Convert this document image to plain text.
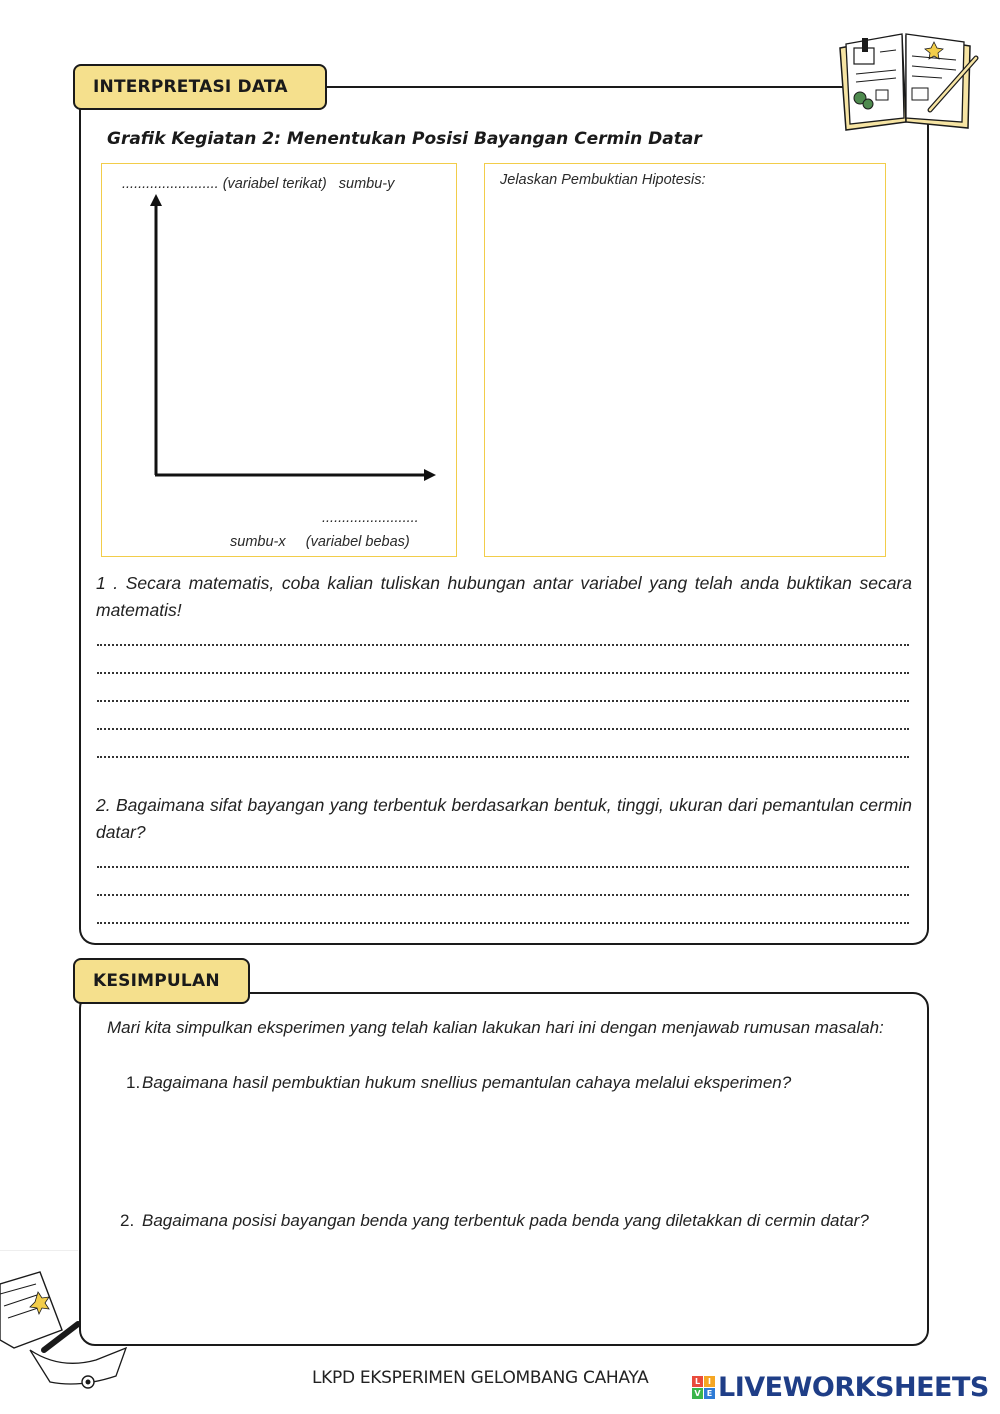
INTERPRETASI DATA
Grafik Kegiatan 2: Menentukan Posisi Bayangan Cermin Datar
........................ (variabel terikat) sumbu-y
........................
sumbu-x (variabel bebas)
Jelaskan Pembuktian Hipotesis:
1 . Secara matematis, coba kalian tuliskan hubungan antar variabel yang telah anda buktikan secara matematis!
2. Bagaimana sifat bayangan yang terbentuk berdasarkan bentuk, tinggi, ukuran dari pemantulan cermin datar?
KESIMPULAN
Mari kita simpulkan eksperimen yang telah kalian lakukan hari ini dengan menjawab rumusan masalah:
1. Bagaimana hasil pembuktian hukum snellius pemantulan cahaya melalui eksperimen?
2. Bagaimana posisi bayangan benda yang terbentuk pada benda yang diletakkan di cermin datar?
LKPD EKSPERIMEN GELOMBANG CAHAYA	L I
V E LIVEWORKSHEETS
